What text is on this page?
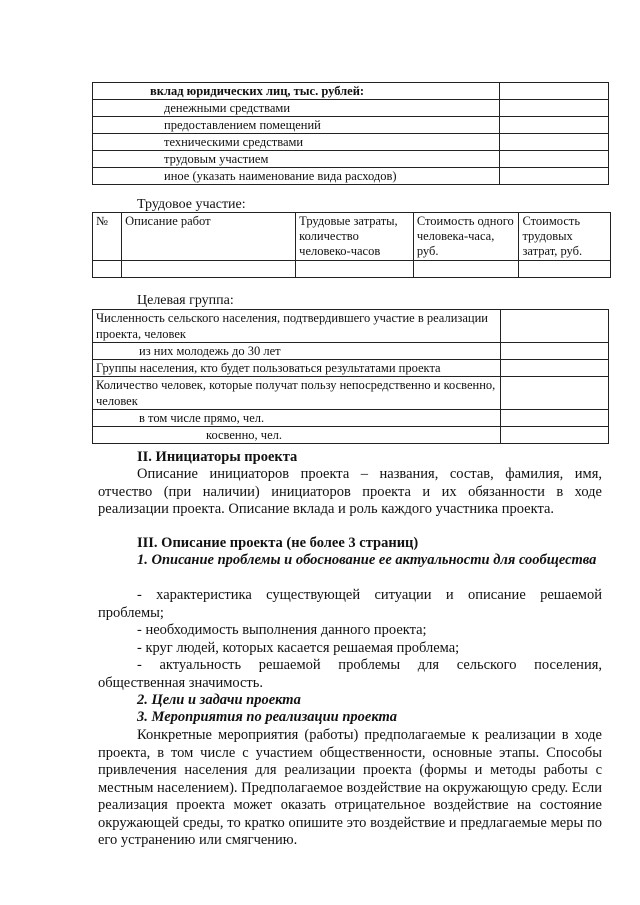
вклад юридических лиц, тыс. рублей:	
денежными средствами	
предоставлением помещений	
техническими средствами	
трудовым участием	
иное (указать наименование вида расходов)	
Трудовое участие:
№	Описание работ	Трудовые затраты, количество человеко-часов	Стоимость одного человека-часа, руб.	Стоимость трудовых затрат, руб.

Целевая группа:
Численность сельского населения, подтвердившего участие в реализации проекта, человек	
из них молодежь до 30 лет	
Группы населения, кто будет пользоваться результатами проекта	
Количество человек, которые получат пользу непосредственно и косвенно, человек	
в том числе прямо, чел.	
косвенно, чел.	
II. Инициаторы проекта
Описание инициаторов проекта – названия, состав, фамилия, имя, отчество (при наличии) инициаторов проекта и их обязанности в ходе реализации проекта. Описание вклада и роль каждого участника проекта.
III. Описание проекта (не более 3 страниц)
1. Описание проблемы и обоснование ее актуальности для сообщества
- характеристика существующей ситуации и описание решаемой проблемы;
- необходимость выполнения данного проекта;
- круг людей, которых касается решаемая проблема;
- актуальность решаемой проблемы для сельского поселения, общественная значимость.
2. Цели и задачи проекта
3. Мероприятия по реализации проекта
Конкретные мероприятия (работы) предполагаемые к реализации в ходе проекта, в том числе с участием общественности, основные этапы. Способы привлечения населения для реализации проекта (формы и методы работы с местным населением). Предполагаемое воздействие на окружающую среду. Если реализация проекта может оказать отрицательное воздействие на состояние окружающей среды, то кратко опишите это воздействие и предлагаемые меры по его устранению или смягчению.
